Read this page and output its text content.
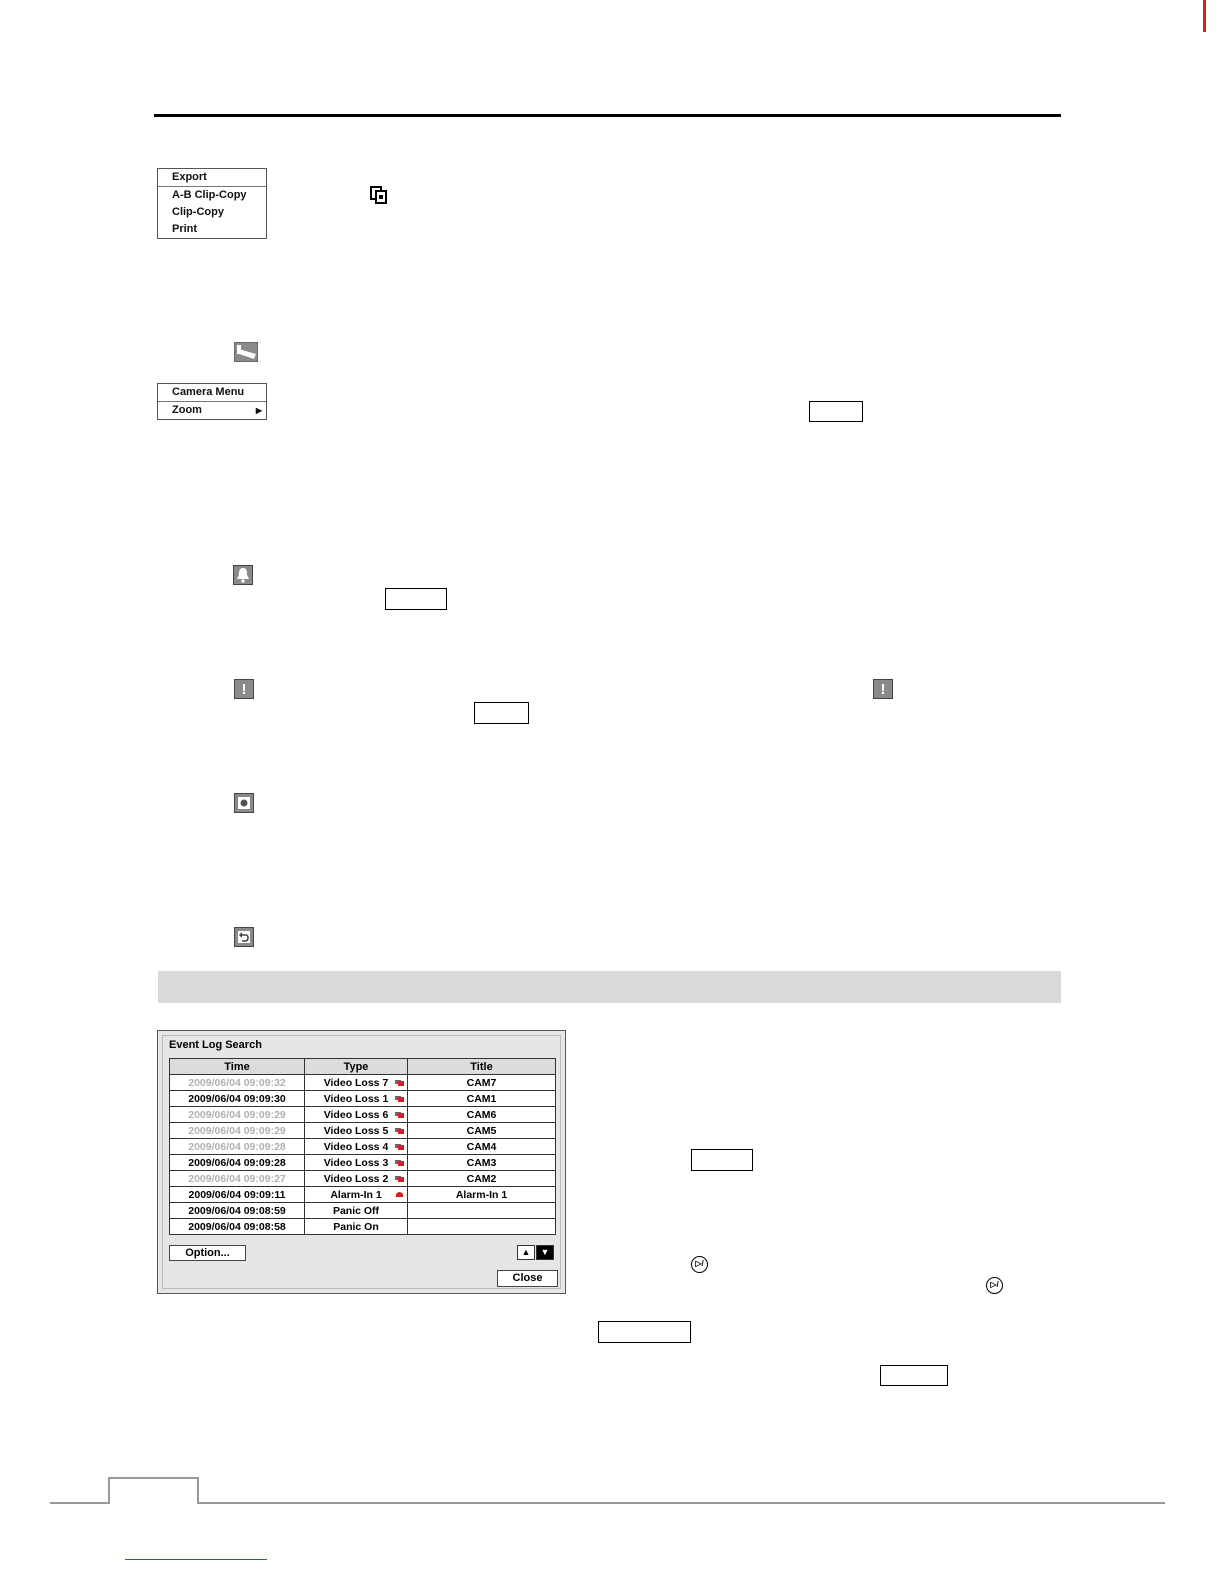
Export
A-B Clip-Copy
Clip-Copy
Print
Camera Menu
Zoom	▶
!	!
Event Log Search
Time	Type	Title
2009/06/04 09:09:32	Video Loss 7	CAM7
2009/06/04 09:09:30	Video Loss 1	CAM1
2009/06/04 09:09:29	Video Loss 6	CAM6
2009/06/04 09:09:29	Video Loss 5	CAM5
2009/06/04 09:09:28	Video Loss 4	CAM4
2009/06/04 09:09:28	Video Loss 3	CAM3
2009/06/04 09:09:27	Video Loss 2	CAM2
2009/06/04 09:09:11	Alarm-In 1	Alarm-In 1
2009/06/04 09:08:59	Panic Off	
2009/06/04 09:08:58	Panic On	
Option...	▲	▼
Close
▷/
▷/
